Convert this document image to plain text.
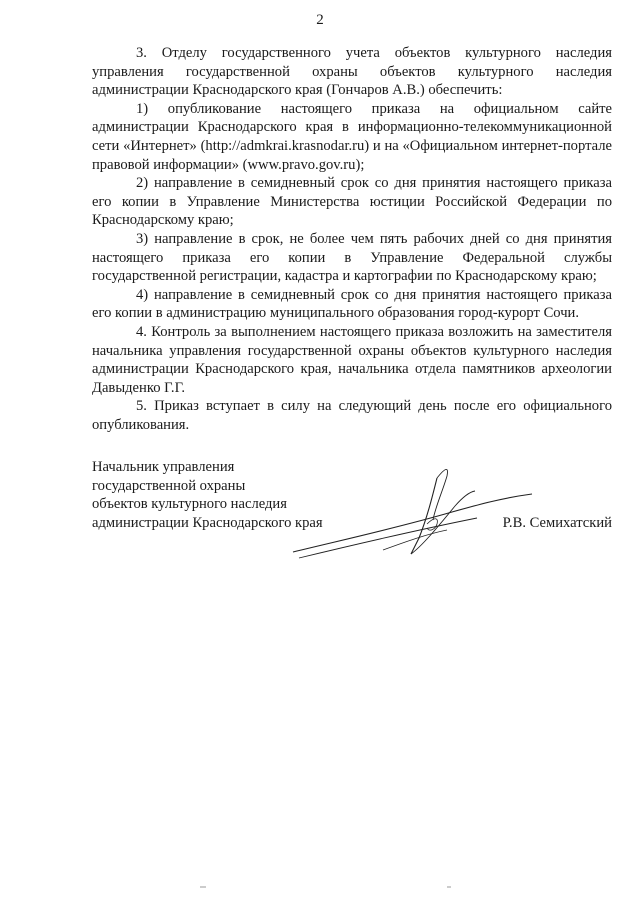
2

3. Отделу государственного учета объектов культурного наследия управления государственной охраны объектов культурного наследия администрации Краснодарского края (Гончаров А.В.) обеспечить:

1) опубликование настоящего приказа на официальном сайте администрации Краснодарского края в информационно-телекоммуникационной сети «Интернет» (http://admkrai.krasnodar.ru) и на «Официальном интернет-портале правовой информации» (www.pravo.gov.ru);

2) направление в семидневный срок со дня принятия настоящего приказа его копии в Управление Министерства юстиции Российской Федерации по Краснодарскому краю;

3) направление в срок, не более чем пять рабочих дней со дня принятия настоящего приказа его копии в Управление Федеральной службы государственной регистрации, кадастра и картографии по Краснодарскому краю;

4) направление в семидневный срок со дня принятия настоящего приказа его копии в администрацию муниципального образования город-курорт Сочи.

4. Контроль за выполнением настоящего приказа возложить на заместителя начальника управления государственной охраны объектов культурного наследия администрации Краснодарского края, начальника отдела памятников археологии Давыденко Г.Г.

5. Приказ вступает в силу на следующий день после его официального опубликования.

Начальник управления
государственной охраны
объектов культурного наследия
администрации Краснодарского края	Р.В. Семихатский
